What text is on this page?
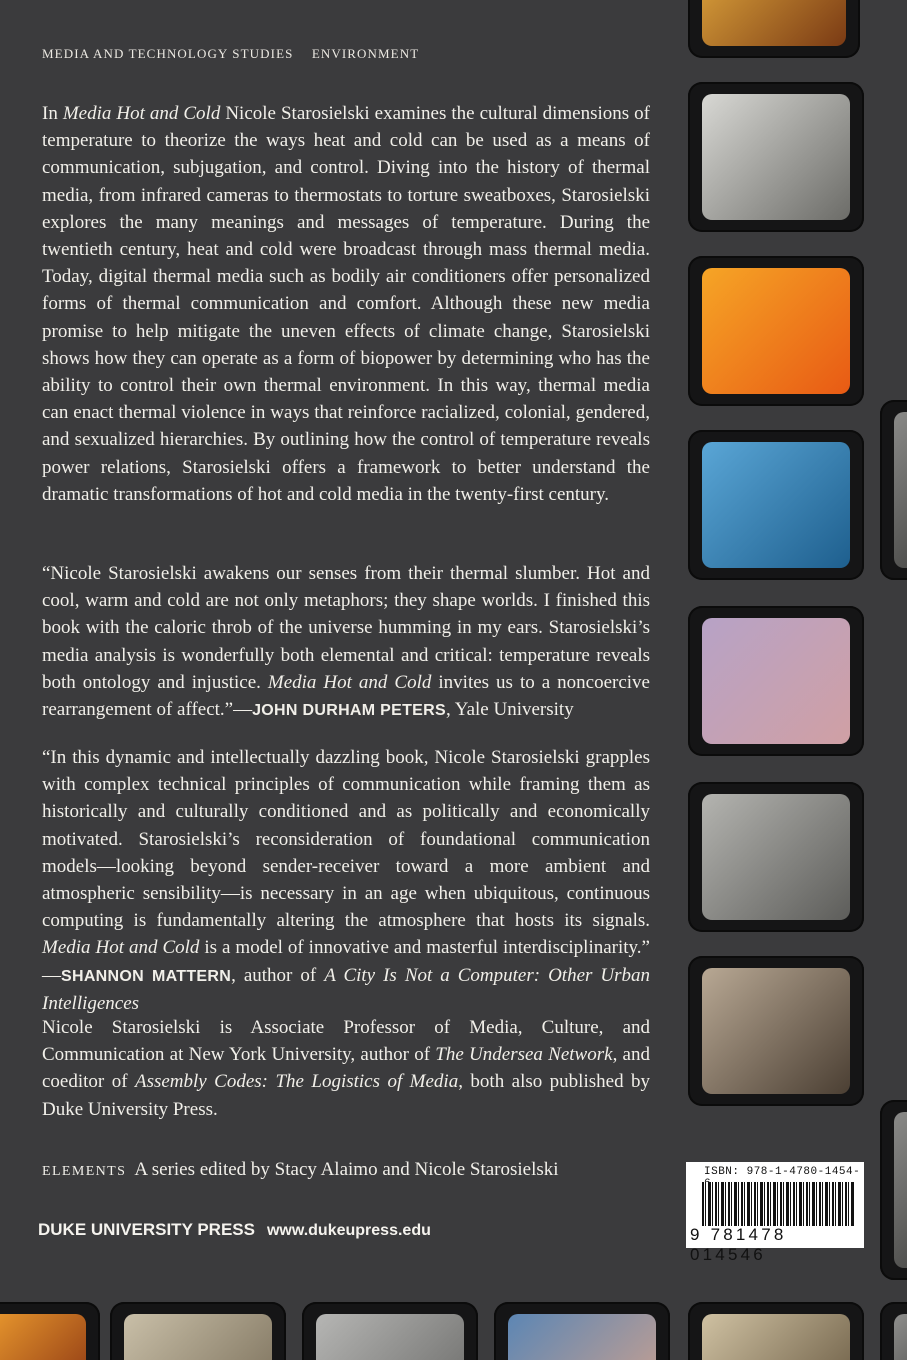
MEDIA AND TECHNOLOGY STUDIES ENVIRONMENT
In Media Hot and Cold Nicole Starosielski examines the cultural dimensions of temperature to theorize the ways heat and cold can be used as a means of communication, subjugation, and control. Diving into the history of thermal media, from infrared cameras to thermostats to torture sweatboxes, Starosielski explores the many meanings and messages of temperature. During the twentieth century, heat and cold were broadcast through mass thermal media. Today, digital thermal media such as bodily air conditioners offer personalized forms of thermal communication and comfort. Although these new media promise to help mitigate the uneven effects of climate change, Starosielski shows how they can operate as a form of biopower by determining who has the ability to control their own thermal environment. In this way, thermal media can enact thermal violence in ways that reinforce racialized, colonial, gendered, and sexualized hierarchies. By outlining how the control of temperature reveals power relations, Starosielski offers a framework to better understand the dramatic transformations of hot and cold media in the twenty-first century.
“Nicole Starosielski awakens our senses from their thermal slumber. Hot and cool, warm and cold are not only metaphors; they shape worlds. I finished this book with the caloric throb of the universe humming in my ears. Starosielski’s media analysis is wonderfully both elemental and critical: temperature reveals both ontology and injustice. Media Hot and Cold invites us to a noncoercive rearrangement of affect.”—JOHN DURHAM PETERS, Yale University
“In this dynamic and intellectually dazzling book, Nicole Starosielski grapples with complex technical principles of communication while framing them as historically and culturally conditioned and as politically and economically motivated. Starosielski’s reconsideration of foundational communication models—looking beyond sender-receiver toward a more ambient and atmospheric sensibility—is necessary in an age when ubiquitous, continuous computing is fundamentally altering the atmosphere that hosts its signals. Media Hot and Cold is a model of innovative and masterful interdisciplinarity.” —SHANNON MATTERN, author of A City Is Not a Computer: Other Urban Intelligences
Nicole Starosielski is Associate Professor of Media, Culture, and Communication at New York University, author of The Undersea Network, and coeditor of Assembly Codes: The Logistics of Media, both also published by Duke University Press.
ELEMENTS A series edited by Stacy Alaimo and Nicole Starosielski
DUKE UNIVERSITY PRESS www.dukeupress.edu
ISBN: 978-1-4780-1454-
9 781478 014546
